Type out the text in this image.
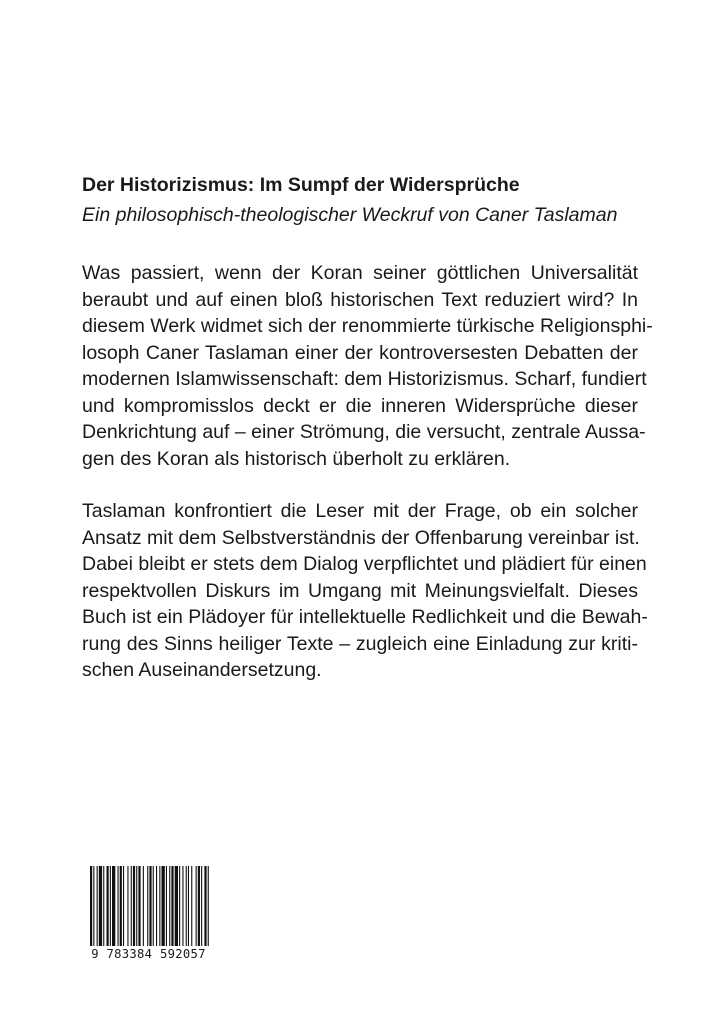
Der Historizismus: Im Sumpf der Widersprüche

Ein philosophisch-theologischer Weckruf von Caner Taslaman

Was passiert, wenn der Koran seiner göttlichen Universalität

beraubt und auf einen bloß historischen Text reduziert wird? In

diesem Werk widmet sich der renommierte türkische Religionsphi-

losoph Caner Taslaman einer der kontroversesten Debatten der

modernen Islamwissenschaft: dem Historizismus. Scharf, fundiert

und kompromisslos deckt er die inneren Widersprüche dieser

Denkrichtung auf – einer Strömung, die versucht, zentrale Aussa-

gen des Koran als historisch überholt zu erklären.

Taslaman konfrontiert die Leser mit der Frage, ob ein solcher

Ansatz mit dem Selbstverständnis der Offenbarung vereinbar ist.

Dabei bleibt er stets dem Dialog verpflichtet und plädiert für einen

respektvollen Diskurs im Umgang mit Meinungsvielfalt. Dieses

Buch ist ein Plädoyer für intellektuelle Redlichkeit und die Bewah-

rung des Sinns heiliger Texte – zugleich eine Einladung zur kriti-

schen Auseinandersetzung.

9 783384 592057
